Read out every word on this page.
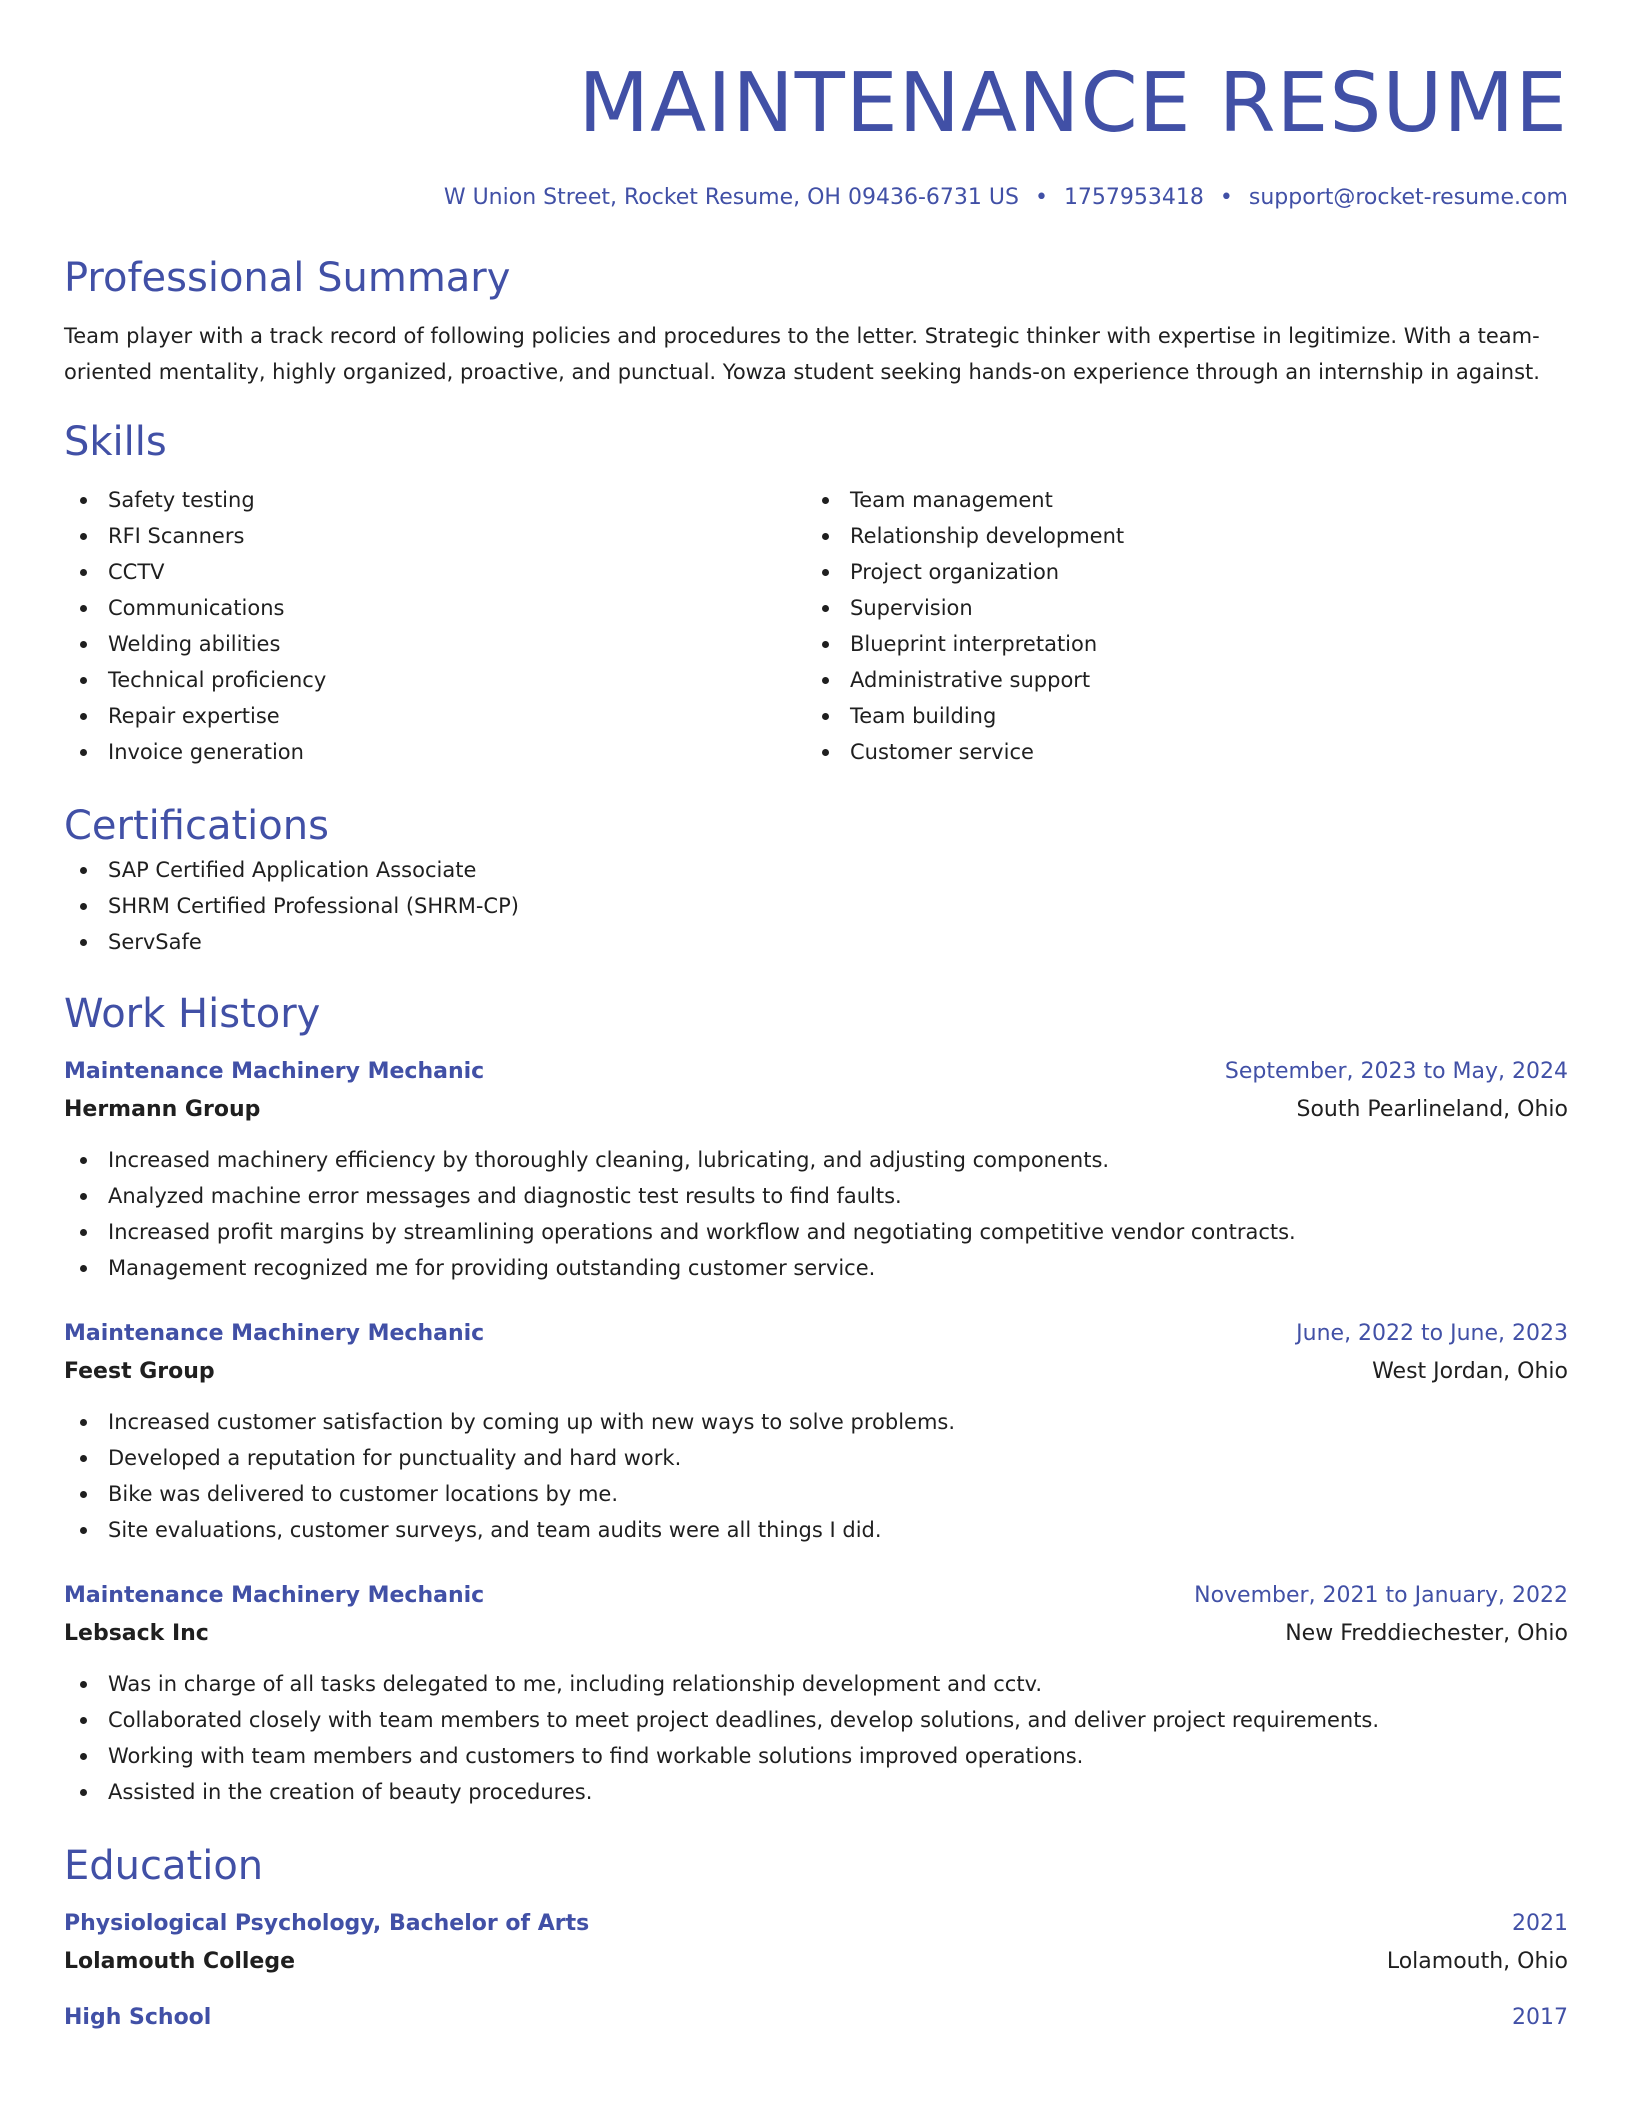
MAINTENANCE RESUME
W Union Street, Rocket Resume, OH 09436-6731 US • 1757953418 • support@rocket-resume.com
Professional Summary

Team player with a track record of following policies and procedures to the letter. Strategic thinker with expertise in legitimize. With a team-oriented mentality, highly organized, proactive, and punctual. Yowza student seeking hands-on experience through an internship in against.

Skills
Safety testing
RFI Scanners
CCTV
Communications
Welding abilities
Technical proficiency
Repair expertise
Invoice generation
Team management
Relationship development
Project organization
Supervision
Blueprint interpretation
Administrative support
Team building
Customer service
Certifications
SAP Certified Application Associate
SHRM Certified Professional (SHRM-CP)
ServSafe
Work History
Maintenance Machinery Mechanic	September, 2023 to May, 2024
Hermann Group	South Pearlineland, Ohio
Increased machinery efficiency by thoroughly cleaning, lubricating, and adjusting components.
Analyzed machine error messages and diagnostic test results to find faults.
Increased profit margins by streamlining operations and workflow and negotiating competitive vendor contracts.
Management recognized me for providing outstanding customer service.
Maintenance Machinery Mechanic	June, 2022 to June, 2023
Feest Group	West Jordan, Ohio
Increased customer satisfaction by coming up with new ways to solve problems.
Developed a reputation for punctuality and hard work.
Bike was delivered to customer locations by me.
Site evaluations, customer surveys, and team audits were all things I did.
Maintenance Machinery Mechanic	November, 2021 to January, 2022
Lebsack Inc	New Freddiechester, Ohio
Was in charge of all tasks delegated to me, including relationship development and cctv.
Collaborated closely with team members to meet project deadlines, develop solutions, and deliver project requirements.
Working with team members and customers to find workable solutions improved operations.
Assisted in the creation of beauty procedures.
Education
Physiological Psychology, Bachelor of Arts	2021
Lolamouth College	Lolamouth, Ohio
High School	2017
